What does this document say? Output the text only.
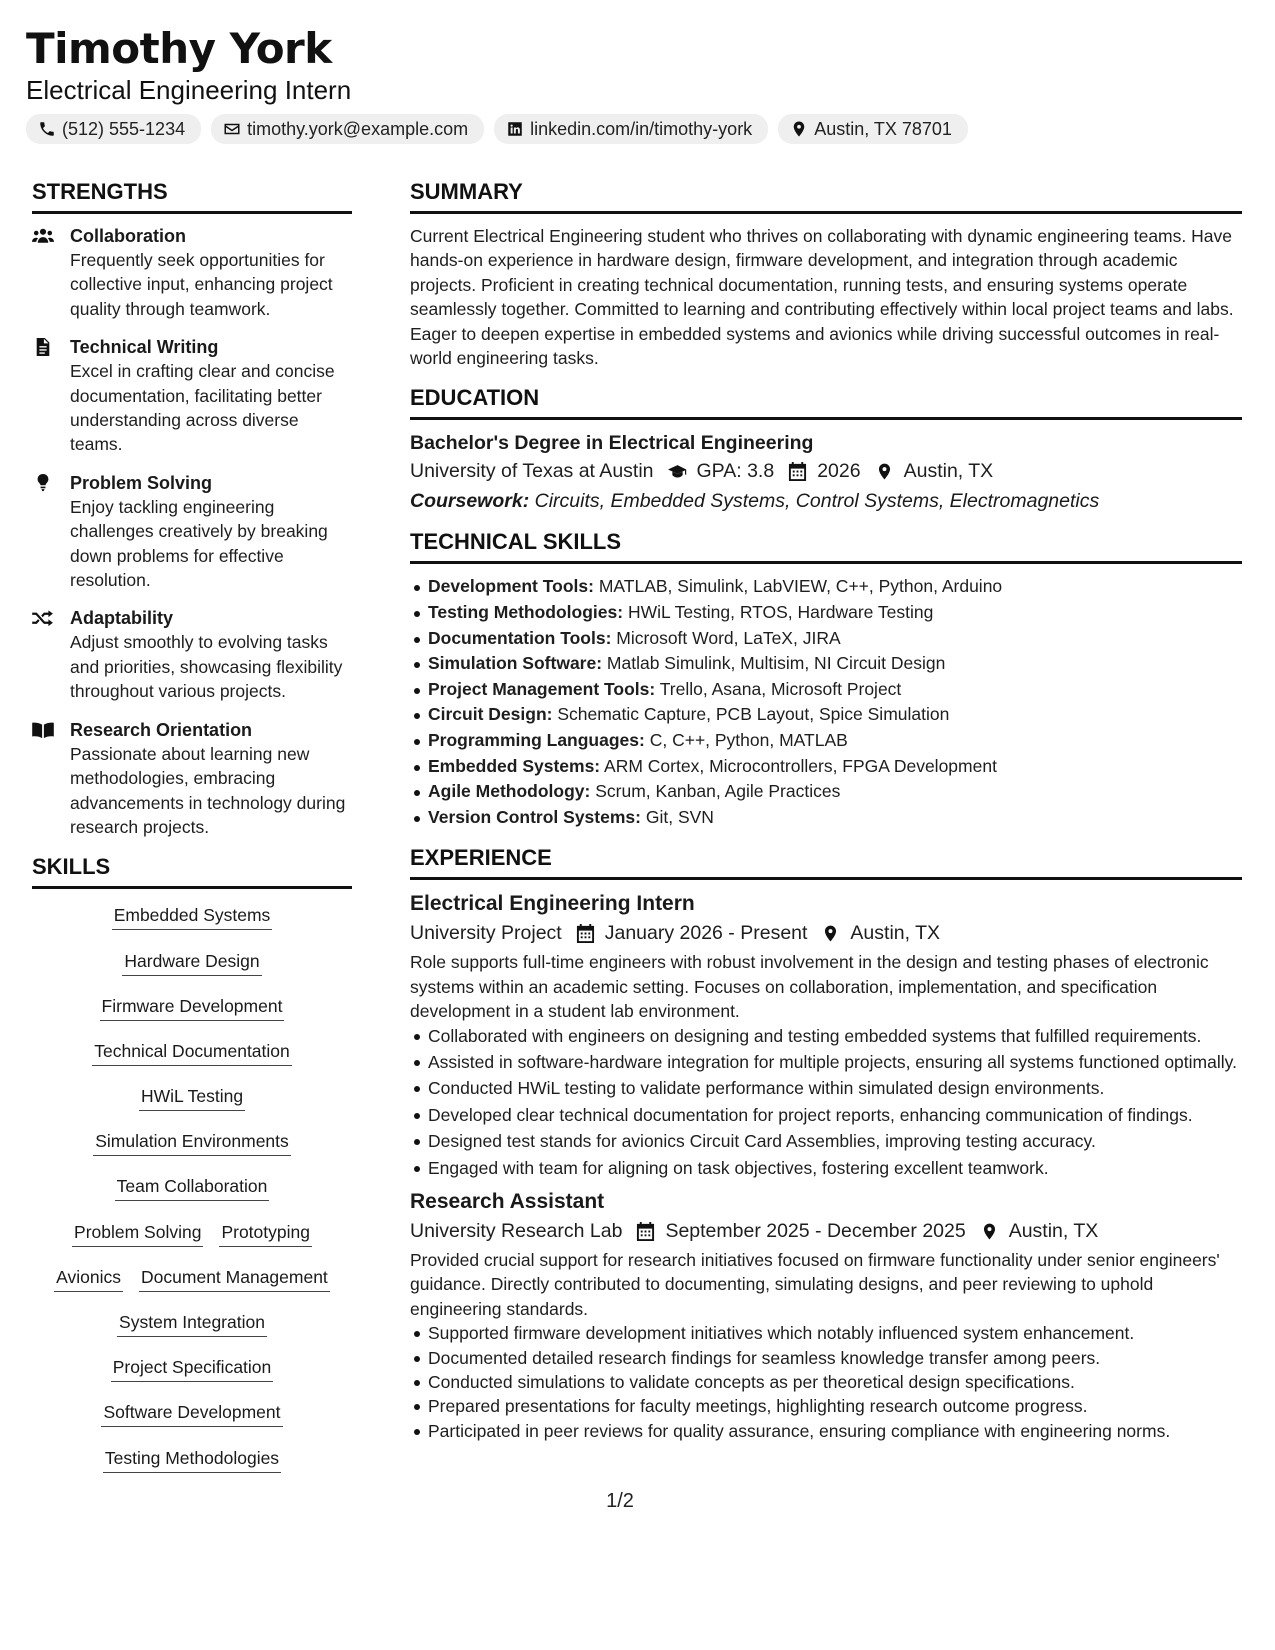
Timothy York
Electrical Engineering Intern
(512) 555-1234	timothy.york@example.com	linkedin.com/in/timothy-york	Austin, TX 78701
STRENGTHS
Collaboration
Frequently seek opportunities for collective input, enhancing project quality through teamwork.
Technical Writing
Excel in crafting clear and concise documentation, facilitating better understanding across diverse teams.
Problem Solving
Enjoy tackling engineering challenges creatively by breaking down problems for effective resolution.
Adaptability
Adjust smoothly to evolving tasks and priorities, showcasing flexibility throughout various projects.
Research Orientation
Passionate about learning new methodologies, embracing advancements in technology during research projects.
SKILLS
Embedded Systems
Hardware Design
Firmware Development
Technical Documentation
HWiL Testing
Simulation Environments
Team Collaboration
Problem Solving Prototyping
Avionics Document Management
System Integration
Project Specification
Software Development
Testing Methodologies
SUMMARY
Current Electrical Engineering student who thrives on collaborating with dynamic engineering teams. Have hands-on experience in hardware design, firmware development, and integration through academic projects. Proficient in creating technical documentation, running tests, and ensuring systems operate seamlessly together. Committed to learning and contributing effectively within local project teams and labs. Eager to deepen expertise in embedded systems and avionics while driving successful outcomes in real-world engineering tasks.
EDUCATION
Bachelor's Degree in Electrical Engineering
University of Texas at Austin GPA: 3.8 2026 Austin, TX
Coursework: Circuits, Embedded Systems, Control Systems, Electromagnetics
TECHNICAL SKILLS
Development Tools: MATLAB, Simulink, LabVIEW, C++, Python, Arduino
Testing Methodologies: HWiL Testing, RTOS, Hardware Testing
Documentation Tools: Microsoft Word, LaTeX, JIRA
Simulation Software: Matlab Simulink, Multisim, NI Circuit Design
Project Management Tools: Trello, Asana, Microsoft Project
Circuit Design: Schematic Capture, PCB Layout, Spice Simulation
Programming Languages: C, C++, Python, MATLAB
Embedded Systems: ARM Cortex, Microcontrollers, FPGA Development
Agile Methodology: Scrum, Kanban, Agile Practices
Version Control Systems: Git, SVN
EXPERIENCE
Electrical Engineering Intern
University Project January 2026 - Present Austin, TX
Role supports full-time engineers with robust involvement in the design and testing phases of electronic systems within an academic setting. Focuses on collaboration, implementation, and specification development in a student lab environment.
Collaborated with engineers on designing and testing embedded systems that fulfilled requirements.
Assisted in software-hardware integration for multiple projects, ensuring all systems functioned optimally.
Conducted HWiL testing to validate performance within simulated design environments.
Developed clear technical documentation for project reports, enhancing communication of findings.
Designed test stands for avionics Circuit Card Assemblies, improving testing accuracy.
Engaged with team for aligning on task objectives, fostering excellent teamwork.
Research Assistant
University Research Lab September 2025 - December 2025 Austin, TX
Provided crucial support for research initiatives focused on firmware functionality under senior engineers' guidance. Directly contributed to documenting, simulating designs, and peer reviewing to uphold engineering standards.
Supported firmware development initiatives which notably influenced system enhancement.
Documented detailed research findings for seamless knowledge transfer among peers.
Conducted simulations to validate concepts as per theoretical design specifications.
Prepared presentations for faculty meetings, highlighting research outcome progress.
Participated in peer reviews for quality assurance, ensuring compliance with engineering norms.
1/2
